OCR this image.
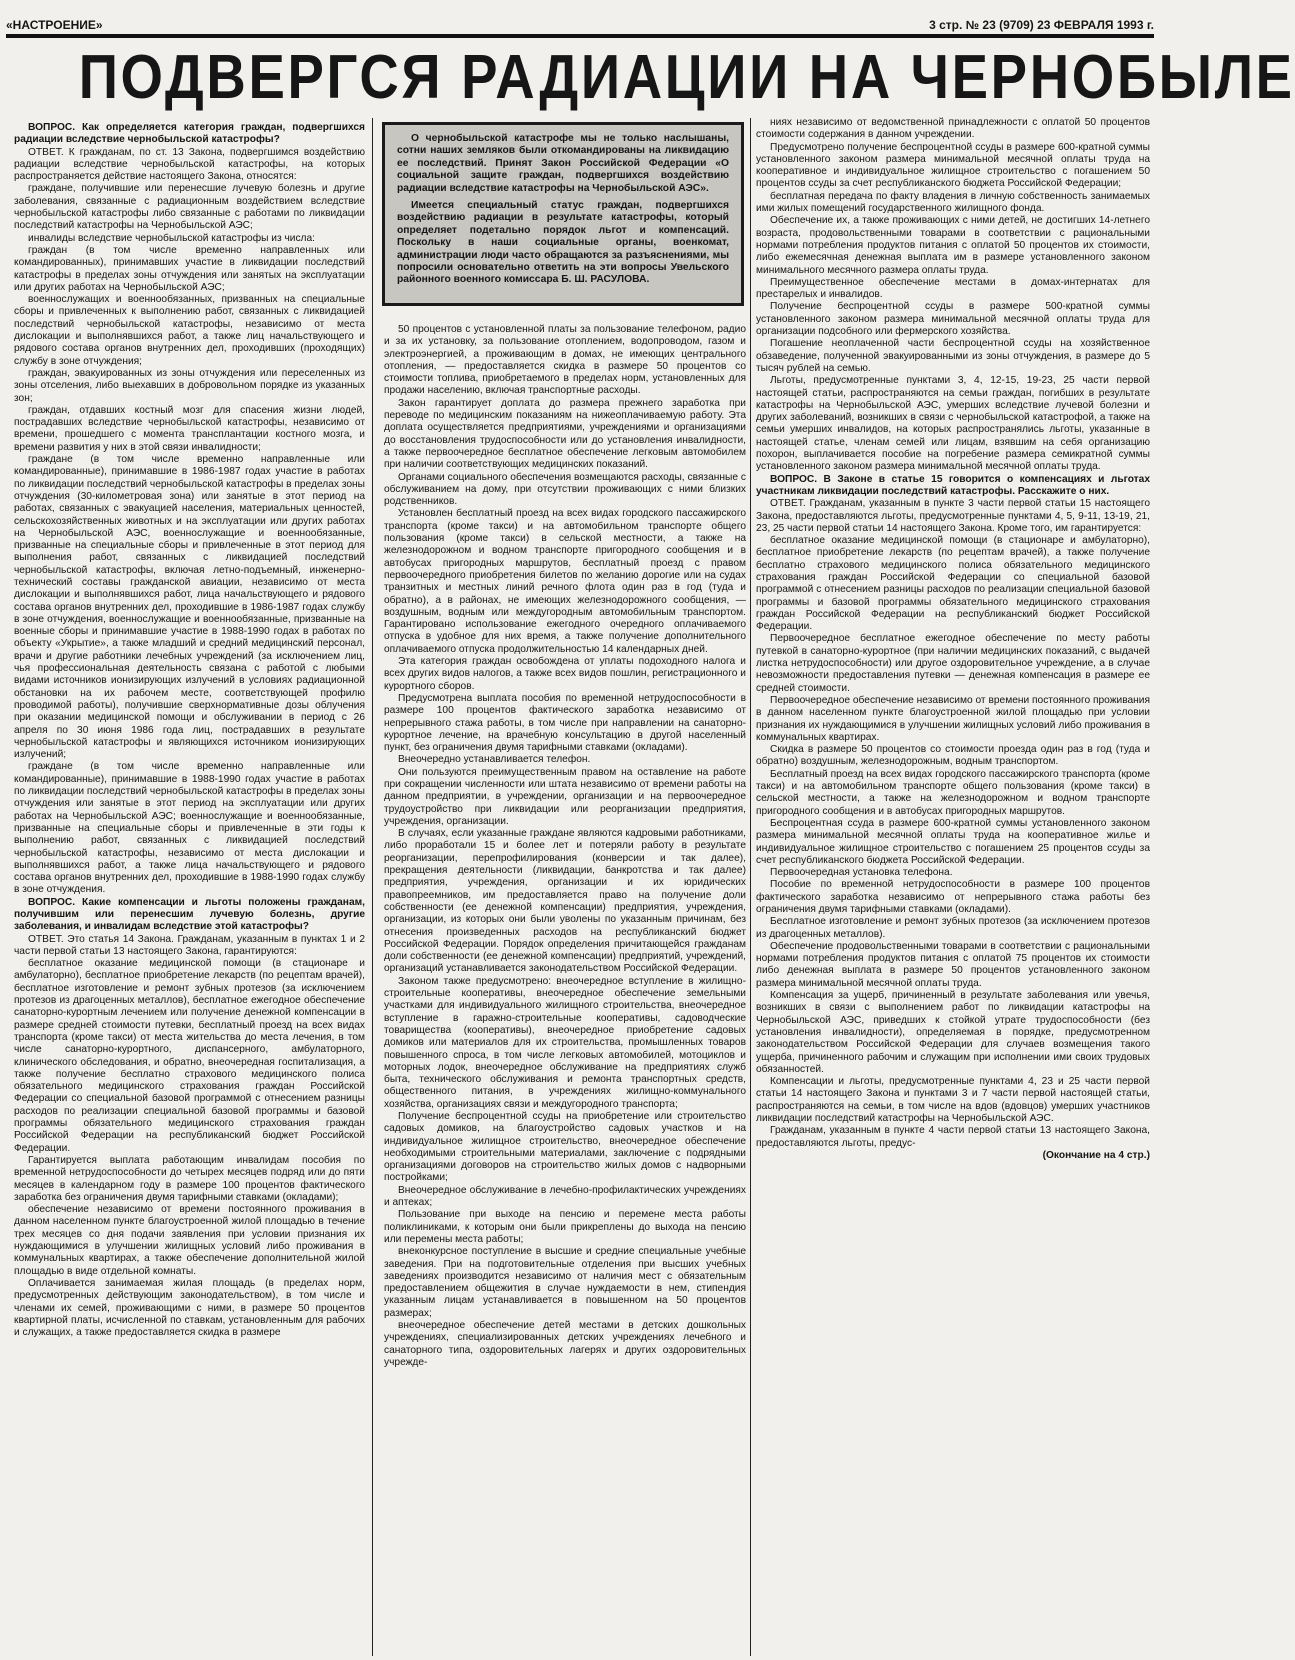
«НАСТРОЕНИЕ»	3 стр. № 23 (9709) 23 ФЕВРАЛЯ 1993 г.
ПОДВЕРГСЯ РАДИАЦИИ НА ЧЕРНОБЫЛЕ

ВОПРОС. Как определяется категория граждан, подвергшихся радиации вследствие чернобыльской катастрофы?

ОТВЕТ. К гражданам, по ст. 13 Закона, подвергшимся воздействию радиации вследствие чернобыльской катастрофы, на которых распространяется действие настоящего Закона, относятся:

граждане, получившие или перенесшие лучевую болезнь и другие заболевания, связанные с радиационным воздействием вследствие чернобыльской катастрофы либо связанные с работами по ликвидации последствий катастрофы на Чернобыльской АЭС;

инвалиды вследствие чернобыльской катастрофы из числа:

граждан (в том числе временно направленных или командированных), принимавших участие в ликвидации последствий катастрофы в пределах зоны отчуждения или занятых на эксплуатации или других работах на Чернобыльской АЭС;

военнослужащих и военнообязанных, призванных на специальные сборы и привлеченных к выполнению работ, связанных с ликвидацией последствий чернобыльской катастрофы, независимо от места дислокации и выполнявшихся работ, а также лиц начальствующего и рядового состава органов внутренних дел, проходивших (проходящих) службу в зоне отчуждения;

граждан, эвакуированных из зоны отчуждения или переселенных из зоны отселения, либо выехавших в добровольном порядке из указанных зон;

граждан, отдавших костный мозг для спасения жизни людей, пострадавших вследствие чернобыльской катастрофы, независимо от времени, прошедшего с момента трансплантации костного мозга, и времени развития у них в этой связи инвалидности;

граждане (в том числе временно направленные или командированные), принимавшие в 1986-1987 годах участие в работах по ликвидации последствий чернобыльской катастрофы в пределах зоны отчуждения (30-километровая зона) или занятые в этот период на работах, связанных с эвакуацией населения, материальных ценностей, сельскохозяйственных животных и на эксплуатации или других работах на Чернобыльской АЭС, военнослужащие и военнообязанные, призванные на специальные сборы и привлеченные в этот период для выполнения работ, связанных с ликвидацией последствий чернобыльской катастрофы, включая летно-подъемный, инженерно-технический составы гражданской авиации, независимо от места дислокации и выполнявшихся работ, лица начальствующего и рядового состава органов внутренних дел, проходившие в 1986-1987 годах службу в зоне отчуждения, военнослужащие и военнообязанные, призванные на военные сборы и принимавшие участие в 1988-1990 годах в работах по объекту «Укрытие», а также младший и средний медицинский персонал, врачи и другие работники лечебных учреждений (за исключением лиц, чья профессиональная деятельность связана с работой с любыми видами источников ионизирующих излучений в условиях радиационной обстановки на их рабочем месте, соответствующей профилю проводимой работы), получившие сверхнормативные дозы облучения при оказании медицинской помощи и обслуживании в период с 26 апреля по 30 июня 1986 года лиц, пострадавших в результате чернобыльской катастрофы и являющихся источником ионизирующих излучений;

граждане (в том числе временно направленные или командированные), принимавшие в 1988-1990 годах участие в работах по ликвидации последствий чернобыльской катастрофы в пределах зоны отчуждения или занятые в этот период на эксплуатации или других работах на Чернобыльской АЭС; военнослужащие и военнообязанные, призванные на специальные сборы и привлеченные в эти годы к выполнению работ, связанных с ликвидацией последствий чернобыльской катастрофы, независимо от места дислокации и выполнявшихся работ, а также лица начальствующего и рядового состава органов внутренних дел, проходившие в 1988-1990 годах службу в зоне отчуждения.

ВОПРОС. Какие компенсации и льготы положены гражданам, получившим или перенесшим лучевую болезнь, другие заболевания, и инвалидам вследствие этой катастрофы?

ОТВЕТ. Это статья 14 Закона. Гражданам, указанным в пунктах 1 и 2 части первой статьи 13 настоящего Закона, гарантируются:

бесплатное оказание медицинской помощи (в стационаре и амбулаторно), бесплатное приобретение лекарств (по рецептам врачей), бесплатное изготовление и ремонт зубных протезов (за исключением протезов из драгоценных металлов), бесплатное ежегодное обеспечение санаторно-курортным лечением или получение денежной компенсации в размере средней стоимости путевки, бесплатный проезд на всех видах транспорта (кроме такси) от места жительства до места лечения, в том числе санаторно-курортного, диспансерного, амбулаторного, клинического обследования, и обратно, внеочередная госпитализация, а также получение бесплатно страхового медицинского полиса обязательного медицинского страхования граждан Российской Федерации со специальной базовой программой с отнесением разницы расходов по реализации специальной базовой программы и базовой программы обязательного медицинского страхования граждан Российской Федерации на республиканский бюджет Российской Федерации.

Гарантируется выплата работающим инвалидам пособия по временной нетрудоспособности до четырех месяцев подряд или до пяти месяцев в календарном году в размере 100 процентов фактического заработка без ограничения двумя тарифными ставками (окладами);

обеспечение независимо от времени постоянного проживания в данном населенном пункте благоустроенной жилой площадью в течение трех месяцев со дня подачи заявления при условии признания их нуждающимися в улучшении жилищных условий либо проживания в коммунальных квартирах, а также обеспечение дополнительной жилой площадью в виде отдельной комнаты.

Оплачивается занимаемая жилая площадь (в пределах норм, предусмотренных действующим законодательством), в том числе и членами их семей, проживающими с ними, в размере 50 процентов квартирной платы, исчисленной по ставкам, установленным для рабочих и служащих, а также предоставляется скидка в размере

О чернобыльской катастрофе мы не только наслышаны, сотни наших земляков были откомандированы на ликвидацию ее последствий. Принят Закон Российской Федерации «О социальной защите граждан, подвергшихся воздействию радиации вследствие катастрофы на Чернобыльской АЭС».

Имеется специальный статус граждан, подвергшихся воздействию радиации в результате катастрофы, который определяет подетально порядок льгот и компенсаций. Поскольку в наши социальные органы, военкомат, администрации люди часто обращаются за разъяснениями, мы попросили основательно ответить на эти вопросы Увельского районного военного комиссара Б. Ш. РАСУЛОВА.

50 процентов с установленной платы за пользование телефоном, радио и за их установку, за пользование отоплением, водопроводом, газом и электроэнергией, а проживающим в домах, не имеющих центрального отопления, — предоставляется скидка в размере 50 процентов со стоимости топлива, приобретаемого в пределах норм, установленных для продажи населению, включая транспортные расходы.

Закон гарантирует доплата до размера прежнего заработка при переводе по медицинским показаниям на нижеоплачиваемую работу. Эта доплата осуществляется предприятиями, учреждениями и организациями до восстановления трудоспособности или до установления инвалидности, а также первоочередное бесплатное обеспечение легковым автомобилем при наличии соответствующих медицинских показаний.

Органами социального обеспечения возмещаются расходы, связанные с обслуживанием на дому, при отсутствии проживающих с ними близких родственников.

Установлен бесплатный проезд на всех видах городского пассажирского транспорта (кроме такси) и на автомобильном транспорте общего пользования (кроме такси) в сельской местности, а также на железнодорожном и водном транспорте пригородного сообщения и в автобусах пригородных маршрутов, бесплатный проезд с правом первоочередного приобретения билетов по желанию дорогие или на судах транзитных и местных линий речного флота один раз в год (туда и обратно), а в районах, не имеющих железнодорожного сообщения, — воздушным, водным или междугородным автомобильным транспортом. Гарантировано использование ежегодного очередного оплачиваемого отпуска в удобное для них время, а также получение дополнительного оплачиваемого отпуска продолжительностью 14 календарных дней.

Эта категория граждан освобождена от уплаты подоходного налога и всех других видов налогов, а также всех видов пошлин, регистрационного и курортного сборов.

Предусмотрена выплата пособия по временной нетрудоспособности в размере 100 процентов фактического заработка независимо от непрерывного стажа работы, в том числе при направлении на санаторно-курортное лечение, на врачебную консультацию в другой населенный пункт, без ограничения двумя тарифными ставками (окладами).

Внеочередно устанавливается телефон.

Они пользуются преимущественным правом на оставление на работе при сокращении численности или штата независимо от времени работы на данном предприятии, в учреждении, организации и на первоочередное трудоустройство при ликвидации или реорганизации предприятия, учреждения, организации.

В случаях, если указанные граждане являются кадровыми работниками, либо проработали 15 и более лет и потеряли работу в результате реорганизации, перепрофилирования (конверсии и так далее), прекращения деятельности (ликвидации, банкротства и так далее) предприятия, учреждения, организации и их юридических правопреемников, им предоставляется право на получение доли собственности (ее денежной компенсации) предприятия, учреждения, организации, из которых они были уволены по указанным причинам, без отнесения произведенных расходов на республиканский бюджет Российской Федерации. Порядок определения причитающейся гражданам доли собственности (ее денежной компенсации) предприятий, учреждений, организаций устанавливается законодательством Российской Федерации.

Законом также предусмотрено: внеочередное вступление в жилищно-строительные кооперативы, внеочередное обеспечение земельными участками для индивидуального жилищного строительства, внеочередное вступление в гаражно-строительные кооперативы, садоводческие товарищества (кооперативы), внеочередное приобретение садовых домиков или материалов для их строительства, промышленных товаров повышенного спроса, в том числе легковых автомобилей, мотоциклов и моторных лодок, внеочередное обслуживание на предприятиях служб быта, технического обслуживания и ремонта транспортных средств, общественного питания, в учреждениях жилищно-коммунального хозяйства, организациях связи и междугородного транспорта;

Получение беспроцентной ссуды на приобретение или строительство садовых домиков, на благоустройство садовых участков и на индивидуальное жилищное строительство, внеочередное обеспечение необходимыми строительными материалами, заключение с подрядными организациями договоров на строительство жилых домов с надворными постройками;

Внеочередное обслуживание в лечебно-профилактических учреждениях и аптеках;

Пользование при выходе на пенсию и перемене места работы поликлиниками, к которым они были прикреплены до выхода на пенсию или перемены места работы;

внеконкурсное поступление в высшие и средние специальные учебные заведения. При на подготовительные отделения при высших учебных заведениях производится независимо от наличия мест с обязательным предоставлением общежития в случае нуждаемости в нем, стипендия указанным лицам устанавливается в повышенном на 50 процентов размерах;

внеочередное обеспечение детей местами в детских дошкольных учреждениях, специализированных детских учреждениях лечебного и санаторного типа, оздоровительных лагерях и других оздоровительных учрежде-

ниях независимо от ведомственной принадлежности с оплатой 50 процентов стоимости содержания в данном учреждении.

Предусмотрено получение беспроцентной ссуды в размере 600-кратной суммы установленного законом размера минимальной месячной оплаты труда на кооперативное и индивидуальное жилищное строительство с погашением 50 процентов ссуды за счет республиканского бюджета Российской Федерации;

бесплатная передача по факту владения в личную собственность занимаемых ими жилых помещений государственного жилищного фонда.

Обеспечение их, а также проживающих с ними детей, не достигших 14-летнего возраста, продовольственными товарами в соответствии с рациональными нормами потребления продуктов питания с оплатой 50 процентов их стоимости, либо ежемесячная денежная выплата им в размере установленного законом минимального месячного размера оплаты труда.

Преимущественное обеспечение местами в домах-интернатах для престарелых и инвалидов.

Получение беспроцентной ссуды в размере 500-кратной суммы установленного законом размера минимальной месячной оплаты труда для организации подсобного или фермерского хозяйства.

Погашение неоплаченной части беспроцентной ссуды на хозяйственное обзаведение, полученной эвакуированными из зоны отчуждения, в размере до 5 тысяч рублей на семью.

Льготы, предусмотренные пунктами 3, 4, 12-15, 19-23, 25 части первой настоящей статьи, распространяются на семьи граждан, погибших в результате катастрофы на Чернобыльской АЭС, умерших вследствие лучевой болезни и других заболеваний, возникших в связи с чернобыльской катастрофой, а также на семьи умерших инвалидов, на которых распространялись льготы, указанные в настоящей статье, членам семей или лицам, взявшим на себя организацию похорон, выплачивается пособие на погребение размера семикратной суммы установленного законом размера минимальной месячной оплаты труда.

ВОПРОС. В Законе в статье 15 говорится о компенсациях и льготах участникам ликвидации последствий катастрофы. Расскажите о них.

ОТВЕТ. Гражданам, указанным в пункте 3 части первой статьи 15 настоящего Закона, предоставляются льготы, предусмотренные пунктами 4, 5, 9-11, 13-19, 21, 23, 25 части первой статьи 14 настоящего Закона. Кроме того, им гарантируется:

бесплатное оказание медицинской помощи (в стационаре и амбулаторно), бесплатное приобретение лекарств (по рецептам врачей), а также получение бесплатно страхового медицинского полиса обязательного медицинского страхования граждан Российской Федерации со специальной базовой программой с отнесением разницы расходов по реализации специальной базовой программы и базовой программы обязательного медицинского страхования граждан Российской Федерации на республиканский бюджет Российской Федерации.

Первоочередное бесплатное ежегодное обеспечение по месту работы путевкой в санаторно-курортное (при наличии медицинских показаний, с выдачей листка нетрудоспособности) или другое оздоровительное учреждение, а в случае невозможности предоставления путевки — денежная компенсация в размере ее средней стоимости.

Первоочередное обеспечение независимо от времени постоянного проживания в данном населенном пункте благоустроенной жилой площадью при условии признания их нуждающимися в улучшении жилищных условий либо проживания в коммунальных квартирах.

Скидка в размере 50 процентов со стоимости проезда один раз в год (туда и обратно) воздушным, железнодорожным, водным транспортом.

Бесплатный проезд на всех видах городского пассажирского транспорта (кроме такси) и на автомобильном транспорте общего пользования (кроме такси) в сельской местности, а также на железнодорожном и водном транспорте пригородного сообщения и в автобусах пригородных маршрутов.

Беспроцентная ссуда в размере 600-кратной суммы установленного законом размера минимальной месячной оплаты труда на кооперативное жилье и индивидуальное жилищное строительство с погашением 25 процентов ссуды за счет республиканского бюджета Российской Федерации.

Первоочередная установка телефона.

Пособие по временной нетрудоспособности в размере 100 процентов фактического заработка независимо от непрерывного стажа работы без ограничения двумя тарифными ставками (окладами).

Бесплатное изготовление и ремонт зубных протезов (за исключением протезов из драгоценных металлов).

Обеспечение продовольственными товарами в соответствии с рациональными нормами потребления продуктов питания с оплатой 75 процентов их стоимости либо денежная выплата в размере 50 процентов установленного законом размера минимальной месячной оплаты труда.

Компенсация за ущерб, причиненный в результате заболевания или увечья, возникших в связи с выполнением работ по ликвидации катастрофы на Чернобыльской АЭС, приведших к стойкой утрате трудоспособности (без установления инвалидности), определяемая в порядке, предусмотренном законодательством Российской Федерации для случаев возмещения такого ущерба, причиненного рабочим и служащим при исполнении ими своих трудовых обязанностей.

Компенсации и льготы, предусмотренные пунктами 4, 23 и 25 части первой статьи 14 настоящего Закона и пунктами 3 и 7 части первой настоящей статьи, распространяются на семьи, в том числе на вдов (вдовцов) умерших участников ликвидации последствий катастрофы на Чернобыльской АЭС.

Гражданам, указанным в пункте 4 части первой статьи 13 настоящего Закона, предоставляются льготы, предус-

(Окончание на 4 стр.)
